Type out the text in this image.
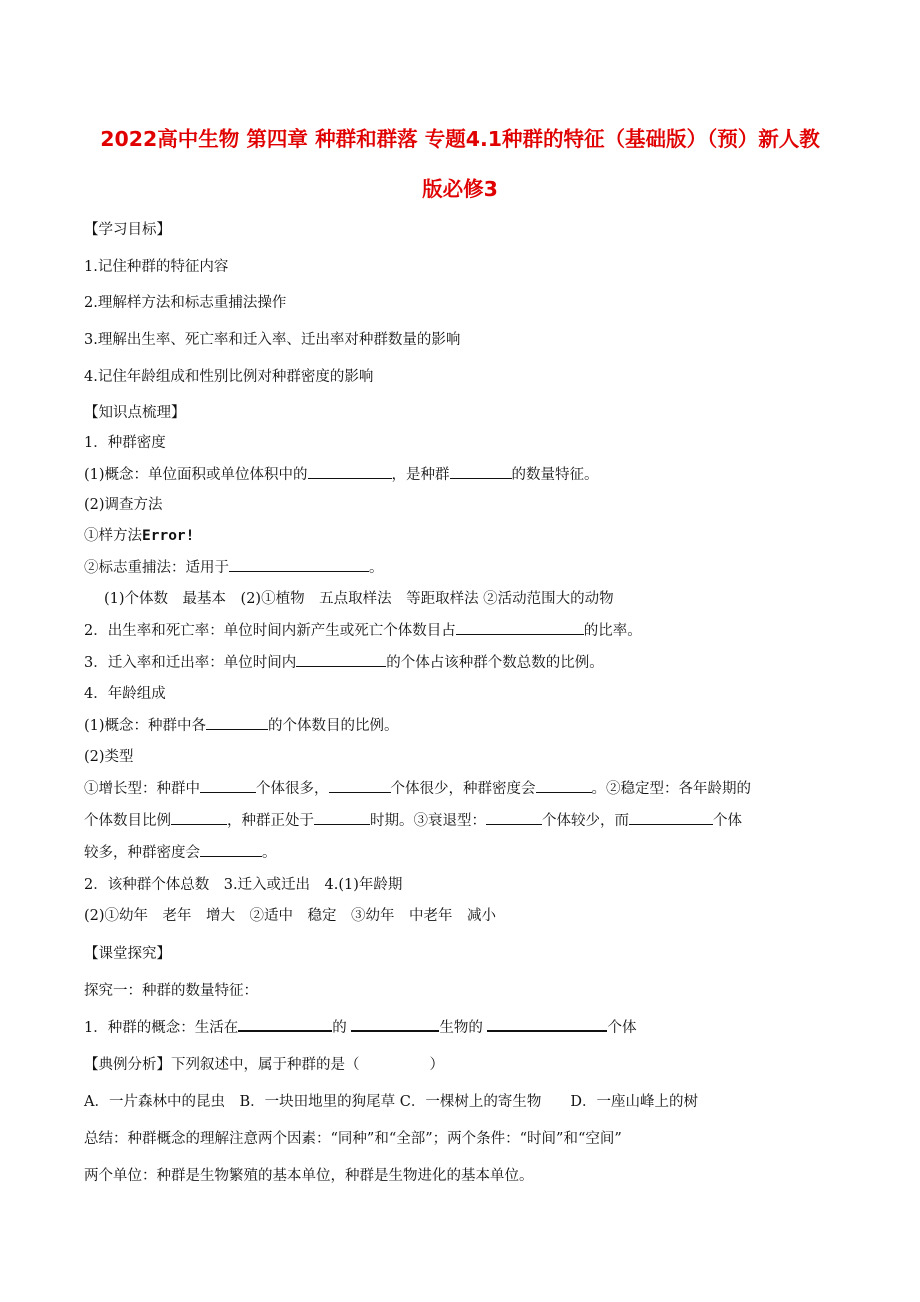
2022高中生物 第四章 种群和群落 专题4.1种群的特征（基础版）（预）新人教
版必修3
【学习目标】
1.记住种群的特征内容
2.理解样方法和标志重捕法操作
3.理解出生率、死亡率和迁入率、迁出率对种群数量的影响
4.记住年龄组成和性别比例对种群密度的影响
【知识点梳理】
1．种群密度
(1)概念：单位面积或单位体积中的	，是种群	的数量特征。
(2)调查方法
①样方法Error!
②标志重捕法：适用于	。
(1)个体数　最基本　(2)①植物　五点取样法　等距取样法 ②活动范围大的动物
2．出生率和死亡率：单位时间内新产生或死亡个体数目占	的比率。
3．迁入率和迁出率：单位时间内	的个体占该种群个数总数的比例。
4．年龄组成
(1)概念：种群中各	的个体数目的比例。
(2)类型
①增长型：种群中	个体很多，	个体很少，种群密度会	。②稳定型：各年龄期的
个体数目比例	，种群正处于	时期。③衰退型：	个体较少，而	个体
较多，种群密度会	。
2．该种群个体总数　3.迁入或迁出　4.(1)年龄期
(2)①幼年　老年　增大　②适中　稳定　③幼年　中老年　减小
【课堂探究】
探究一：种群的数量特征：
1．种群的概念：生活在	的	生物的	个体
【典例分析】下列叙述中，属于种群的是（	）
A．一片森林中的昆虫　B．一块田地里的狗尾草 C．一棵树上的寄生物　　D．一座山峰上的树
总结：种群概念的理解注意两个因素：“同种”和“全部”；两个条件：“时间”和“空间”
两个单位：种群是生物繁殖的基本单位，种群是生物进化的基本单位。
